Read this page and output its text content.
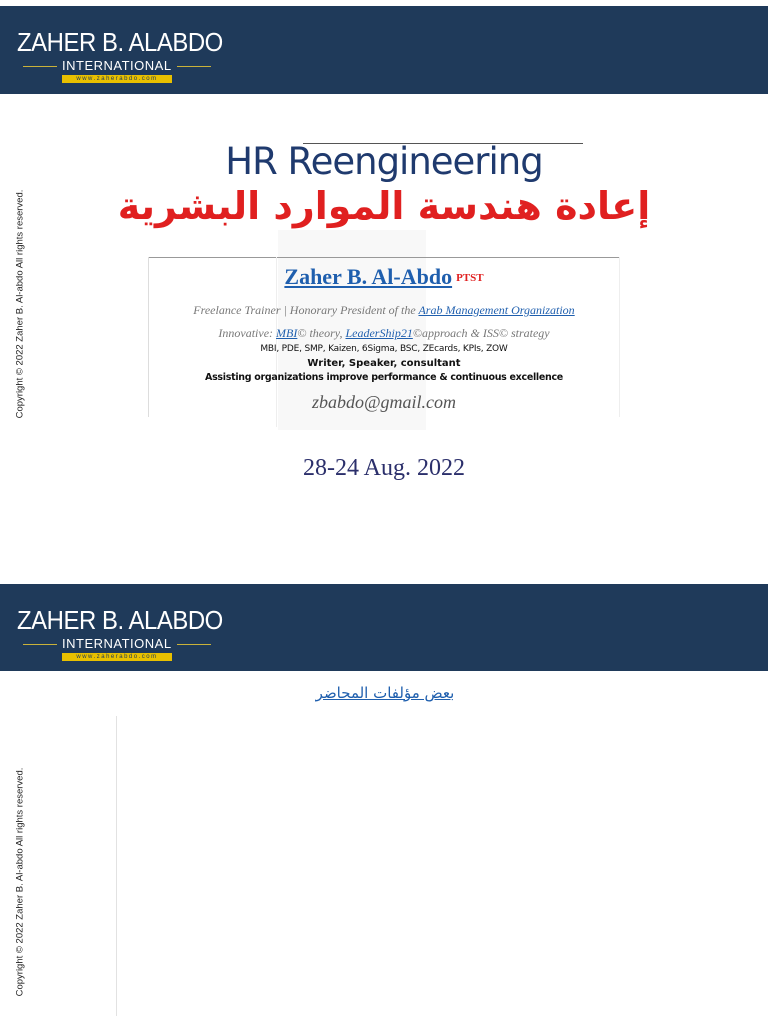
ZAHER B. ALABDO
INTERNATIONAL
www.zaherabdo.com
Copyright © 2022 Zaher B. Al-abdo All rights reserved.
HR Reengineering
إعادة هندسة الموارد البشرية
Zaher B. Al-Abdo PTST
Freelance Trainer | Honorary President of the Arab Management Organization
Innovative: MBI© theory, LeaderShip21©approach & ISS© strategy
MBI, PDE, SMP, Kaizen, 6Sigma, BSC, ZEcards, KPIs, ZOW
Writer, Speaker, consultant
Assisting organizations improve performance & continuous excellence
zbabdo@gmail.com
28-24 Aug. 2022
ZAHER B. ALABDO
INTERNATIONAL
www.zaherabdo.com
بعض مؤلفات المحاضر
Copyright © 2022 Zaher B. Al-abdo All rights reserved.
